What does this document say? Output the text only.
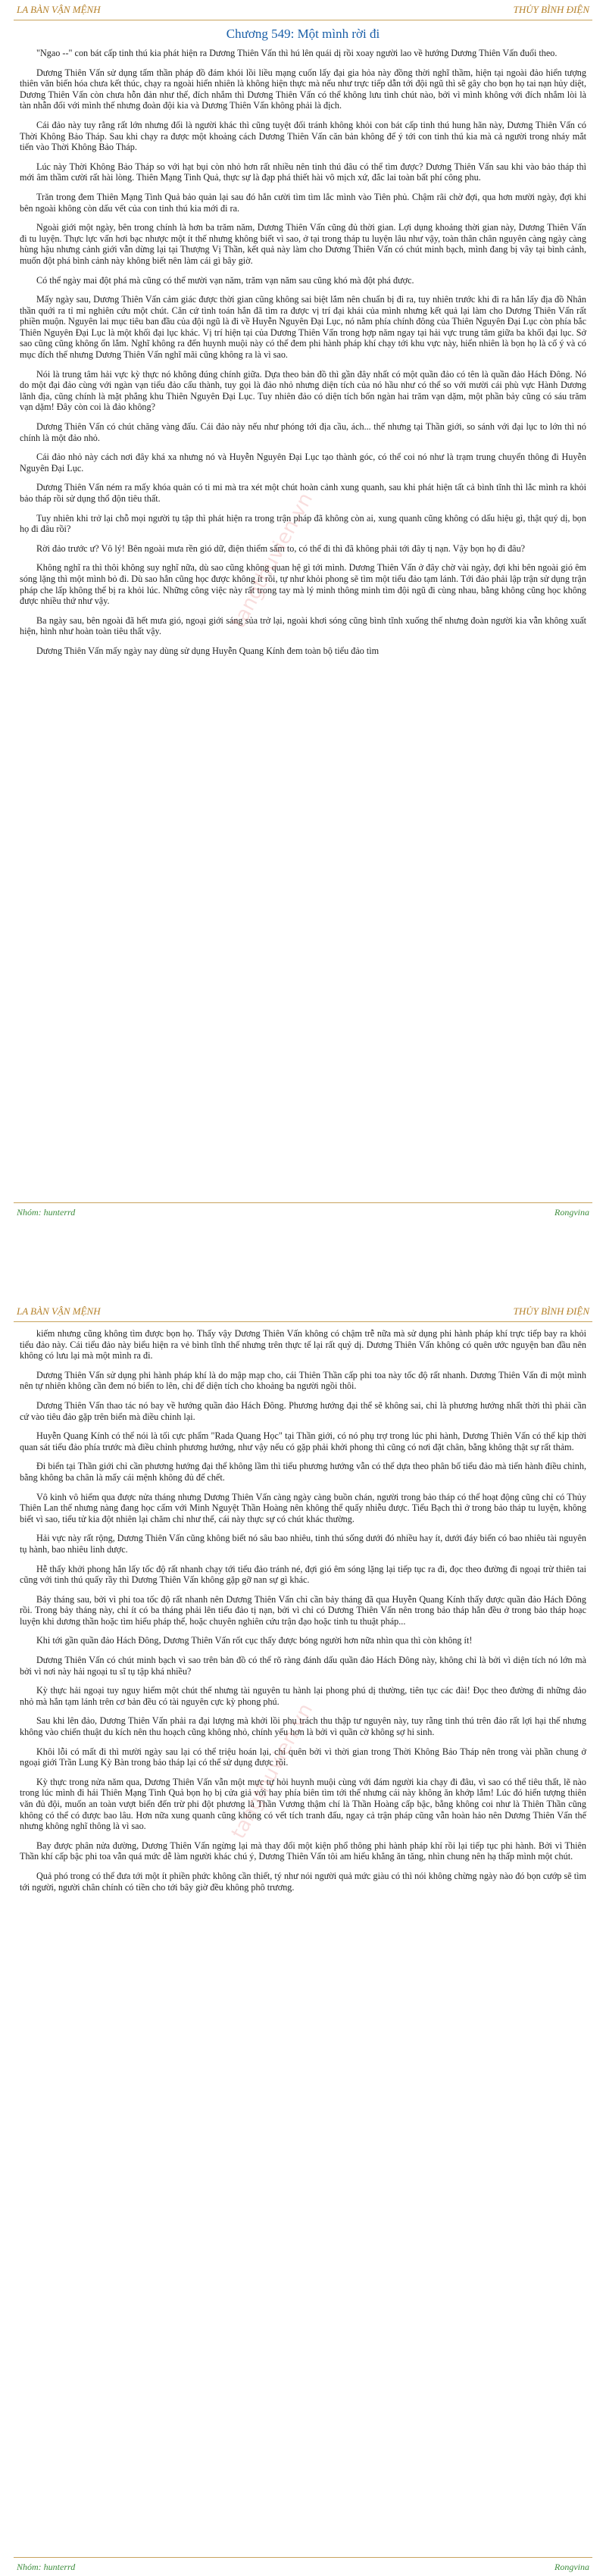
LA BÀN VẬN MỆNH	THỦY BÌNH ĐIỆN
Chương 549: Một mình rời đi

"Ngao --" con bát cấp tinh thú kia phát hiện ra Dương Thiên Vấn thì hú lên quái dị rồi xoay người lao về hướng Dương Thiên Vấn đuổi theo.

Dương Thiên Vấn sử dụng tấm thần pháp đồ đám khói lồi liều mạng cuốn lấy đại gia hỏa này đồng thời nghĩ thầm, hiện tại ngoài đảo hiển tượng thiên văn biến hóa chưa kết thúc, chạy ra ngoài hiển nhiên là không hiện thực mà nếu như trực tiếp dẫn tới đội ngũ thì sẽ gây cho bọn họ tai nạn hủy diệt, Dương Thiên Vấn còn chưa hỗn đản như thế, đích nhắm thì Dương Thiên Vấn có thể không lưu tình chút nào, bởi vì mình không với đích nhắm lòi là tàn nhẫn đối với mình thế nhưng đoàn đội kia và Dương Thiên Vấn không phải là địch.

Cái đảo này tuy rằng rất lớn nhưng đối là người khác thì cũng tuyệt đối tránh không khỏi con bát cấp tinh thú hung hãn này, Dương Thiên Vấn có Thời Không Bảo Tháp. Sau khi chạy ra được một khoảng cách Dương Thiên Vấn căn bản không để ý tới con tinh thú kia mà cả người trong nháy mắt tiến vào Thời Không Bảo Tháp.

Lúc này Thời Không Bảo Tháp so với hạt bụi còn nhỏ hơn rất nhiều nên tinh thú đâu có thể tìm được? Dương Thiên Vấn sau khi vào bảo tháp thì mới âm thầm cười rất hài lòng. Thiên Mạng Tinh Quả, thực sự là đạp phá thiết hài vô mịch xứ, đắc lai toàn bất phí công phu.

Trăn trong đem Thiên Mạng Tinh Quả bảo quản lại sau đó hắn cười tìm tìm lắc mình vào Tiên phủ. Chậm rãi chờ đợi, qua hơn mười ngày, đợi khi bên ngoài không còn dấu vết của con tinh thú kia mới đi ra.

Ngoài giới một ngày, bên trong chính là hơn ba trăm năm, Dương Thiên Vấn cũng đủ thời gian. Lợi dụng khoảng thời gian này, Dương Thiên Vấn đi tu luyện. Thực lực vấn hơi bạc nhược một ít thế nhưng không biết vì sao, ở tại trong tháp tu luyện lâu như vậy, toàn thân chân nguyên càng ngày càng hùng hậu nhưng cảnh giới vẫn dừng lại tại Thượng Vị Thần, kết quả này làm cho Dương Thiên Vấn có chút minh bạch, mình đang bị vây tại bình cảnh, muốn đột phá bình cảnh này không biết nên làm cái gì bây giờ.

Có thể ngày mai đột phá mà cũng có thể mười vạn năm, trăm vạn năm sau cũng khó mà đột phá được.

Mấy ngày sau, Dương Thiên Vấn cảm giác được thời gian cũng không sai biệt lắm nên chuẩn bị đi ra, tuy nhiên trước khi đi ra hắn lấy địa đồ Nhân thần quới ra tỉ mỉ nghiên cứu một chút. Căn cứ tình toán hắn đã tìm ra được vị trí đại khái của mình nhưng kết quả lại làm cho Dương Thiên Vấn rất phiền muộn. Nguyên lai mục tiêu ban đầu của đội ngũ là đi về Huyễn Nguyên Đại Lục, nó nằm phía chính đông của Thiên Nguyên Đại Lục còn phía bắc Thiên Nguyên Đại Lục là một khối đại lục khác. Vị trí hiện tại của Dương Thiên Vấn trong hợp năm ngay tại hải vực trung tâm giữa ba khối đại lục. Sở sao cũng cũng không ổn lắm. Nghĩ không ra đến huynh muội này có thể đem phi hành pháp khí chạy tới khu vực này, hiển nhiên là bọn họ là cố ý và có mục đích thế nhưng Dương Thiên Vấn nghĩ mãi cũng không ra là vì sao.

Nói là trung tâm hải vực kỳ thực nó không đúng chính giữa. Dựa theo bản đồ thì gần đây nhất có một quần đảo có tên là quần đảo Hách Đông. Nó do một đại đảo cùng với ngàn vạn tiểu đảo cấu thành, tuy gọi là đảo nhỏ nhưng diện tích của nó hầu như có thể so với mười cái phù vực Hành Dương lãnh địa, cũng chính là mặt phẳng khu Thiên Nguyên Đại Lục. Tuy nhiên đảo có diện tích bốn ngàn hai trăm vạn dặm, một phần bảy cũng có sáu trăm vạn dặm! Đây còn coi là đảo không?

Dương Thiên Vấn có chút chăng vàng đấu. Cái đảo này nếu như phóng tới địa cầu, ách... thế nhưng tại Thần giới, so sánh với đại lục to lớn thì nó chính là một đảo nhỏ.

Cái đảo nhỏ này cách nơi đây khá xa nhưng nó và Huyễn Nguyên Đại Lục tạo thành góc, có thể coi nó như là trạm trung chuyển thông đi Huyễn Nguyên Đại Lục.

Dương Thiên Vấn ném ra mấy khóa quản có ti mi mà tra xét một chút hoàn cảnh xung quanh, sau khi phát hiện tất cả bình tĩnh thì lắc mình ra khỏi bảo tháp rồi sử dụng thổ độn tiêu thất.

Tuy nhiên khi trở lại chỗ mọi người tụ tập thì phát hiện ra trong trận pháp đã không còn ai, xung quanh cũng không có dấu hiệu gì, thật quý dị, bọn họ đi đâu rồi?

Rời đảo trước ư? Vô lý! Bên ngoài mưa rền gió dữ, điện thiểm sấm to, có thể đi thì đã không phải tới đây tị nạn. Vậy bọn họ đi đâu?

Không nghĩ ra thì thôi không suy nghĩ nữa, dù sao cũng không quan hệ gì tới mình. Dương Thiên Vấn ở đây chờ vài ngày, đợi khi bên ngoài gió êm sóng lặng thì một mình bỏ đi. Dù sao hắn cũng học được không ít rồi, tự như khỏi phong sẽ tìm một tiểu đảo tạm lánh. Tới đảo phải lập trận sử dụng trận pháp che lấp không thể bị ra khỏi lúc. Những công việc này rất trong tay mà lý minh thông minh tìm đội ngũ đi cùng nhau, bằng không cũng học không được nhiều thứ như vậy.

Ba ngày sau, bên ngoài đã hết mưa gió, ngoại giới sáng sủa trở lại, ngoài khơi sóng cũng bình tĩnh xuống thế nhưng đoàn người kia vẫn không xuất hiện, hình như hoàn toàn tiêu thất vậy.

Dương Thiên Vấn mấy ngày nay dùng sử dụng Huyễn Quang Kính đem toàn bộ tiểu đảo tìm

tangthuvien.vn
Nhóm: hunterrd	Rongvina
LA BÀN VẬN MỆNH	THỦY BÌNH ĐIỆN

kiếm nhưng cũng không tìm được bọn họ. Thấy vậy Dương Thiên Vấn không có chậm trễ nữa mà sử dụng phi hành pháp khí trực tiếp bay ra khỏi tiểu đảo này. Cái tiểu đảo này biểu hiện ra vẻ bình tĩnh thế nhưng trên thực tế lại rất quỷ dị. Dương Thiên Vấn không có quên ước nguyện ban đầu nên không có lưu lại mà một mình ra đi.

Dương Thiên Vấn sử dụng phi hành pháp khí là do mập mạp cho, cái Thiên Thần cấp phi toa này tốc độ rất nhanh. Dương Thiên Vấn đi một mình nên tự nhiên không cần đem nó biến to lên, chỉ để diện tích cho khoảng ba người ngồi thôi.

Dương Thiên Vấn thao tác nó bay về hướng quần đảo Hách Đông. Phương hướng đại thể sẽ không sai, chỉ là phương hướng nhất thời thì phải cần cứ vào tiêu đảo gặp trên biển mà điều chỉnh lại.

Huyễn Quang Kính có thể nói là tối cực phẩm "Rada Quang Học" tại Thần giới, có nó phụ trợ trong lúc phi hành, Dương Thiên Vấn có thể kịp thời quan sát tiểu đảo phía trước mà điều chỉnh phương hướng, như vậy nếu có gặp phải khởi phong thì cũng có nơi đặt chân, bằng không thật sự rất thảm.

Đi biển tại Thần giới chỉ cần phương hướng đại thể không lầm thì tiểu phương hướng vẫn có thể dựa theo phân bố tiểu đảo mà tiến hành điều chỉnh, bằng không ba chân là mấy cái mệnh không đủ để chết.

Vô kinh vô hiểm qua được nửa tháng nhưng Dương Thiên Vấn càng ngày càng buồn chán, người trong bảo tháp có thể hoạt động cũng chỉ có Thủy Thiên Lan thế nhưng nàng đang học cấm với Minh Nguyệt Thần Hoàng nên không thể quấy nhiễu được. Tiểu Bạch thì ở trong bảo tháp tu luyện, không biết vì sao, tiểu tử kia đột nhiên lại chăm chỉ như thế, cái này thực sự có chút khác thường.

Hải vực này rất rộng, Dương Thiên Vấn cũng không biết nó sâu bao nhiêu, tinh thú sống dưới đó nhiều hay ít, dưới đáy biển có bao nhiêu tài nguyên tụ hành, bao nhiêu linh dược.

Hễ thấy khởi phong hắn lấy tốc độ rất nhanh chạy tới tiểu đảo tránh né, đợi gió êm sóng lặng lại tiếp tục ra đi, đọc theo đường đi ngoại trừ thiên tai cũng với tinh thú quấy rầy thì Dương Thiên Vấn không gặp gỡ nan sự gì khác.

Bảy tháng sau, bởi vì phi toa tốc độ rất nhanh nên Dương Thiên Vấn chỉ cần bảy tháng đã qua Huyễn Quang Kính thấy được quần đảo Hách Đông rồi. Trong bảy tháng này, chỉ ít có ba tháng phải lên tiểu đảo tị nạn, bởi vì chỉ có Dương Thiên Vấn nên trong bảo tháp hắn đều ở trong bảo tháp hoạc luyện khi dương thần hoặc tìm hiểu pháp thể, hoặc chuyên nghiên cứu trận đạo hoặc tinh tu thuật pháp...

Khi tới gần quần đảo Hách Đông, Dương Thiên Vấn rốt cục thấy được bóng người hơn nữa nhìn qua thì còn không ít!

Dương Thiên Vấn có chút minh bạch vì sao trên bản đồ có thể rõ ràng đánh dấu quần đảo Hách Đông này, không chỉ là bởi vì diện tích nó lớn mà bởi vì nơi này hải ngoại tu sĩ tụ tập khá nhiều?

Kỳ thực hải ngoại tuy nguy hiểm một chút thế nhưng tài nguyên tu hành lại phong phú dị thường, tiên tục các đài! Đọc theo đường đi những đảo nhỏ mà hắn tạm lánh trên cơ bản đều có tài nguyên cực kỳ phong phú.

Sau khi lên đảo, Dương Thiên Vấn phải ra đại lượng mà khởi lồi phụ trách thu thập tư nguyên này, tuy rằng tinh thú trên đảo rất lợi hại thế nhưng không vào chiến thuật du kích nên thu hoạch cũng không nhỏ, chính yếu hơn là bởi vì quần cờ không sợ hi sinh.

Khôi lỗi có mất đi thì mười ngày sau lại có thể triệu hoán lại, chỉ quên bởi vì thời gian trong Thời Không Bảo Tháp nên trong vài phần chung ở ngoại giới Trần Lung Kỳ Bàn trong bảo tháp lại có thể sử dụng được rồi.

Kỳ thực trong nửa năm qua, Dương Thiên Vấn vẫn một mực tự hỏi huynh muội cùng với đám người kia chạy đi đâu, vì sao có thể tiêu thất, lẽ nào trong lúc mình đi hái Thiên Mạng Tinh Quả bọn họ bị cửa giả với hay phía biên tìm tới thế nhưng cái này không ăn khớp lắm! Lúc đó hiển tượng thiên văn đủ đội, muốn an toàn vượt biển đến trừ phi đột phương là Thần Vương thậm chí là Thần Hoàng cấp bậc, bằng không coi như là Thiên Thần cũng không có thể có được bao lâu. Hơn nữa xung quanh cũng không có vết tích tranh đấu, ngay cả trận pháp cũng vẫn hoàn hảo nên Dương Thiên Vấn thế nhưng không nghĩ thông là vì sao.

Bay được phân nửa đường, Dương Thiên Vấn ngừng lại mà thay đổi một kiện phổ thông phi hành pháp khí rồi lại tiếp tục phi hành. Bởi vì Thiên Thần khí cấp bậc phi toa vẫn quá mức dễ làm người khác chú ý, Dương Thiên Vấn tôi am hiểu khẳng ăn tăng, nhìn chung nên hạ thấp mình một chút.

Quả phó trong có thể đưa tới một ít phiền phức không cần thiết, tý như nói người quả mức giàu có thì nói không chừng ngày nào đó bọn cướp sẽ tìm tới người, người chân chính có tiền cho tới bây giờ đều không phô trương.

tangthuvien.vn
Nhóm: hunterrd	Rongvina
